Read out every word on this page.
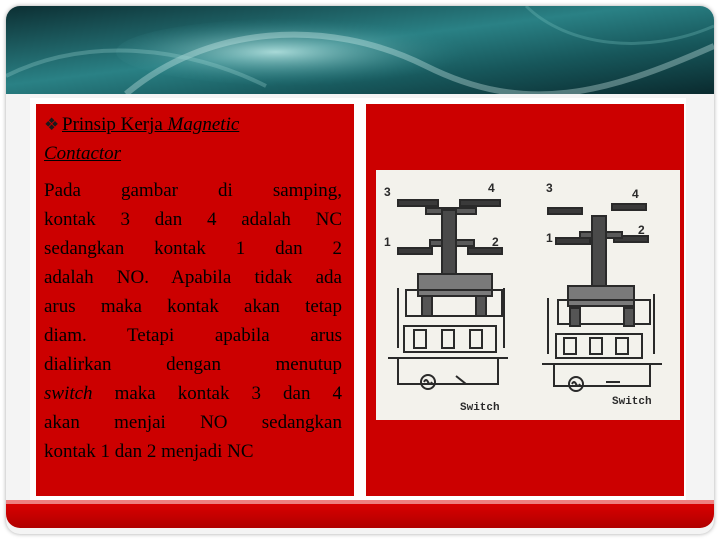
❖ Prinsip Kerja Magnetic
Contactor
Pada gambar di samping,
kontak 3 dan 4 adalah NC
sedangkan kontak 1 dan 2
adalah NO. Apabila tidak ada
arus maka kontak akan tetap
diam. Tetapi apabila arus
dialirkan dengan menutup
switch maka kontak 3 dan 4
akan menjai NO sedangkan
kontak 1 dan 2 menjadi NC
3	4
1	2
Switch
3	4
1
2
Switch
